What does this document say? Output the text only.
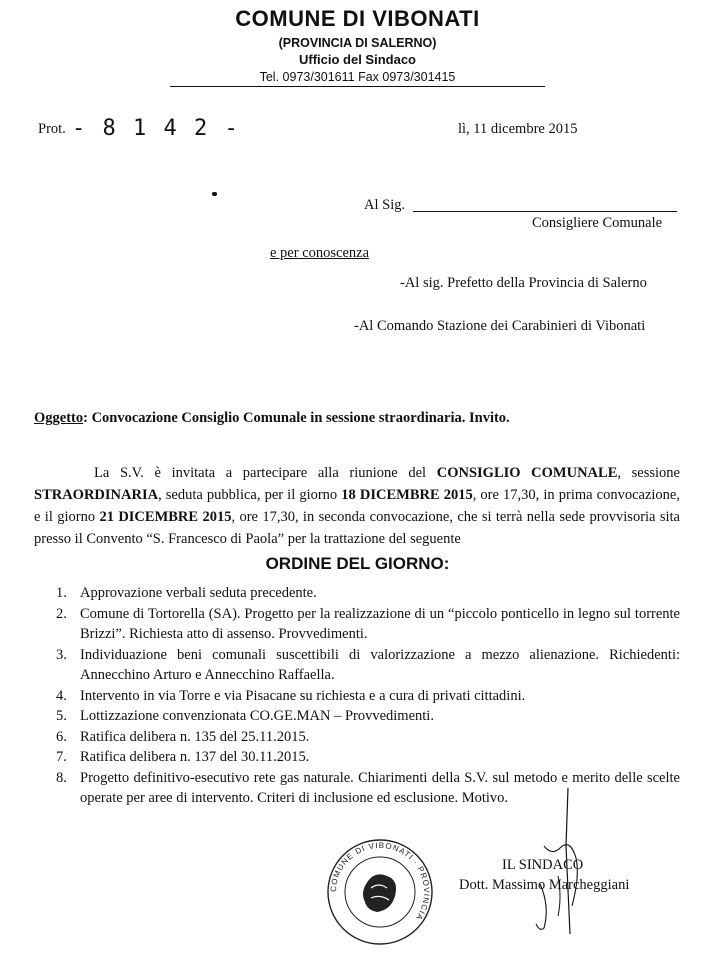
COMUNE DI VIBONATI
(PROVINCIA DI SALERNO)
Ufficio del Sindaco
Tel. 0973/301611 Fax 0973/301415
Prot. - 8 1 4 2 -	lì, 11 dicembre 2015
Al Sig.
Consigliere Comunale
e per conoscenza
-Al sig. Prefetto della Provincia di Salerno
-Al Comando Stazione dei Carabinieri di Vibonati
Oggetto: Convocazione Consiglio Comunale in sessione straordinaria. Invito.
La S.V. è invitata a partecipare alla riunione del CONSIGLIO COMUNALE, sessione STRAORDINARIA, seduta pubblica, per il giorno 18 DICEMBRE 2015, ore 17,30, in prima convocazione, e il giorno 21 DICEMBRE 2015, ore 17,30, in seconda convocazione, che si terrà nella sede provvisoria sita presso il Convento “S. Francesco di Paola” per la trattazione del seguente
ORDINE DEL GIORNO:
1. Approvazione verbali seduta precedente.
2. Comune di Tortorella (SA). Progetto per la realizzazione di un “piccolo ponticello in legno sul torrente Brizzi”. Richiesta atto di assenso. Provvedimenti.
3. Individuazione beni comunali suscettibili di valorizzazione a mezzo alienazione. Richiedenti: Annecchino Arturo e Annecchino Raffaella.
4. Intervento in via Torre e via Pisacane su richiesta e a cura di privati cittadini.
5. Lottizzazione convenzionata CO.GE.MAN – Provvedimenti.
6. Ratifica delibera n. 135 del 25.11.2015.
7. Ratifica delibera n. 137 del 30.11.2015.
8. Progetto definitivo-esecutivo rete gas naturale. Chiarimenti della S.V. sul metodo e merito delle scelte operate per aree di intervento. Criteri di inclusione ed esclusione. Motivo.
COMUNE DI VIBONATI · PROVINCIA
IL SINDACO
Dott. Massimo Marcheggiani
